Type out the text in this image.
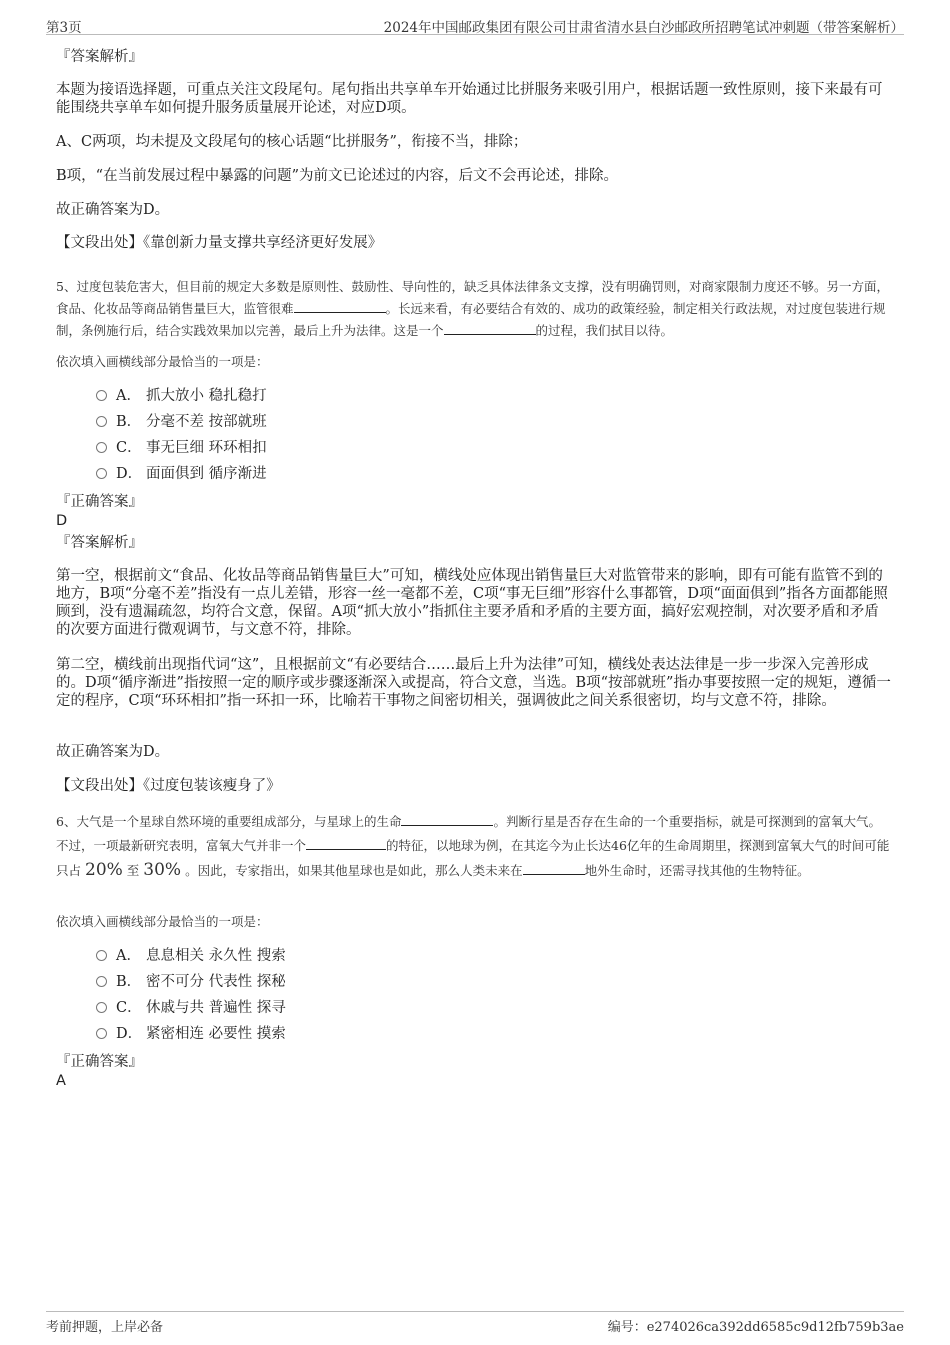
第3页	2024年中国邮政集团有限公司甘肃省清水县白沙邮政所招聘笔试冲刺题（带答案解析）
『答案解析』
本题为接语选择题，可重点关注文段尾句。尾句指出共享单车开始通过比拼服务来吸引用户，根据话题一致性原则，接下来最有可能围绕共享单车如何提升服务质量展开论述，对应D项。
A、C两项，均未提及文段尾句的核心话题“比拼服务”，衔接不当，排除；
B项，“在当前发展过程中暴露的问题”为前文已论述过的内容，后文不会再论述，排除。
故正确答案为D。
【文段出处】《靠创新力量支撑共享经济更好发展》
5、过度包装危害大，但目前的规定大多数是原则性、鼓励性、导向性的，缺乏具体法律条文支撑，没有明确罚则，对商家限制力度还不够。另一方面，食品、化妆品等商品销售量巨大，监管很难	。长远来看，有必要结合有效的、成功的政策经验，制定相关行政法规，对过度包装进行规制，条例施行后，结合实践效果加以完善，最后上升为法律。这是一个	的过程，我们拭目以待。
依次填入画横线部分最恰当的一项是：
A． 抓大放小 稳扎稳打
B． 分毫不差 按部就班
C． 事无巨细 环环相扣
D． 面面俱到 循序渐进
『正确答案』
D
『答案解析』
第一空，根据前文“食品、化妆品等商品销售量巨大”可知，横线处应体现出销售量巨大对监管带来的影响，即有可能有监管不到的地方，B项“分毫不差”指没有一点儿差错，形容一丝一毫都不差，C项“事无巨细”形容什么事都管，D项“面面俱到”指各方面都能照顾到，没有遗漏疏忽，均符合文意，保留。A项“抓大放小”指抓住主要矛盾和矛盾的主要方面，搞好宏观控制，对次要矛盾和矛盾的次要方面进行微观调节，与文意不符，排除。
第二空，横线前出现指代词“这”，且根据前文“有必要结合……最后上升为法律”可知，横线处表达法律是一步一步深入完善形成的。D项“循序渐进”指按照一定的顺序或步骤逐渐深入或提高，符合文意，当选。B项“按部就班”指办事要按照一定的规矩，遵循一定的程序，C项“环环相扣”指一环扣一环，比喻若干事物之间密切相关，强调彼此之间关系很密切，均与文意不符，排除。
故正确答案为D。
【文段出处】《过度包装该瘦身了》
6、大气是一个星球自然环境的重要组成部分，与星球上的生命	。判断行星是否存在生命的一个重要指标，就是可探测到的富氧大气。不过，一项最新研究表明，富氧大气并非一个	的特征，以地球为例，在其迄今为止长达46亿年的生命周期里，探测到富氧大气的时间可能只占 20% 至 30% 。因此，专家指出，如果其他星球也是如此，那么人类未来在	地外生命时，还需寻找其他的生物特征。
依次填入画横线部分最恰当的一项是：
A． 息息相关 永久性 搜索
B． 密不可分 代表性 探秘
C． 休戚与共 普遍性 探寻
D． 紧密相连 必要性 摸索
『正确答案』
A
考前押题，上岸必备	编号：e274026ca392dd6585c9d12fb759b3ae
